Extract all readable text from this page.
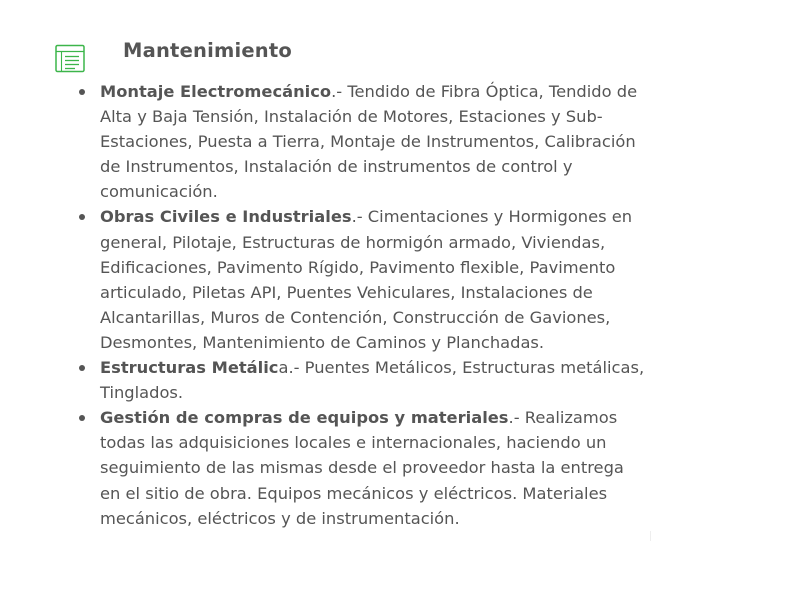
Mantenimiento
Montaje Electromecánico.- Tendido de Fibra Óptica, Tendido de Alta y Baja Tensión, Instalación de Motores, Estaciones y Sub-Estaciones, Puesta a Tierra, Montaje de Instrumentos, Calibración de Instrumentos, Instalación de instrumentos de control y comunicación.
Obras Civiles e Industriales.- Cimentaciones y Hormigones en general, Pilotaje, Estructuras de hormigón armado, Viviendas, Edificaciones, Pavimento Rígido, Pavimento flexible, Pavimento articulado, Piletas API, Puentes Vehiculares, Instalaciones de Alcantarillas, Muros de Contención, Construcción de Gaviones, Desmontes, Mantenimiento de Caminos y Planchadas.
Estructuras Metálica.- Puentes Metálicos, Estructuras metálicas, Tinglados.
Gestión de compras de equipos y materiales.- Realizamos todas las adquisiciones locales e internacionales, haciendo un seguimiento de las mismas desde el proveedor hasta la entrega en el sitio de obra. Equipos mecánicos y eléctricos. Materiales mecánicos, eléctricos y de instrumentación.
